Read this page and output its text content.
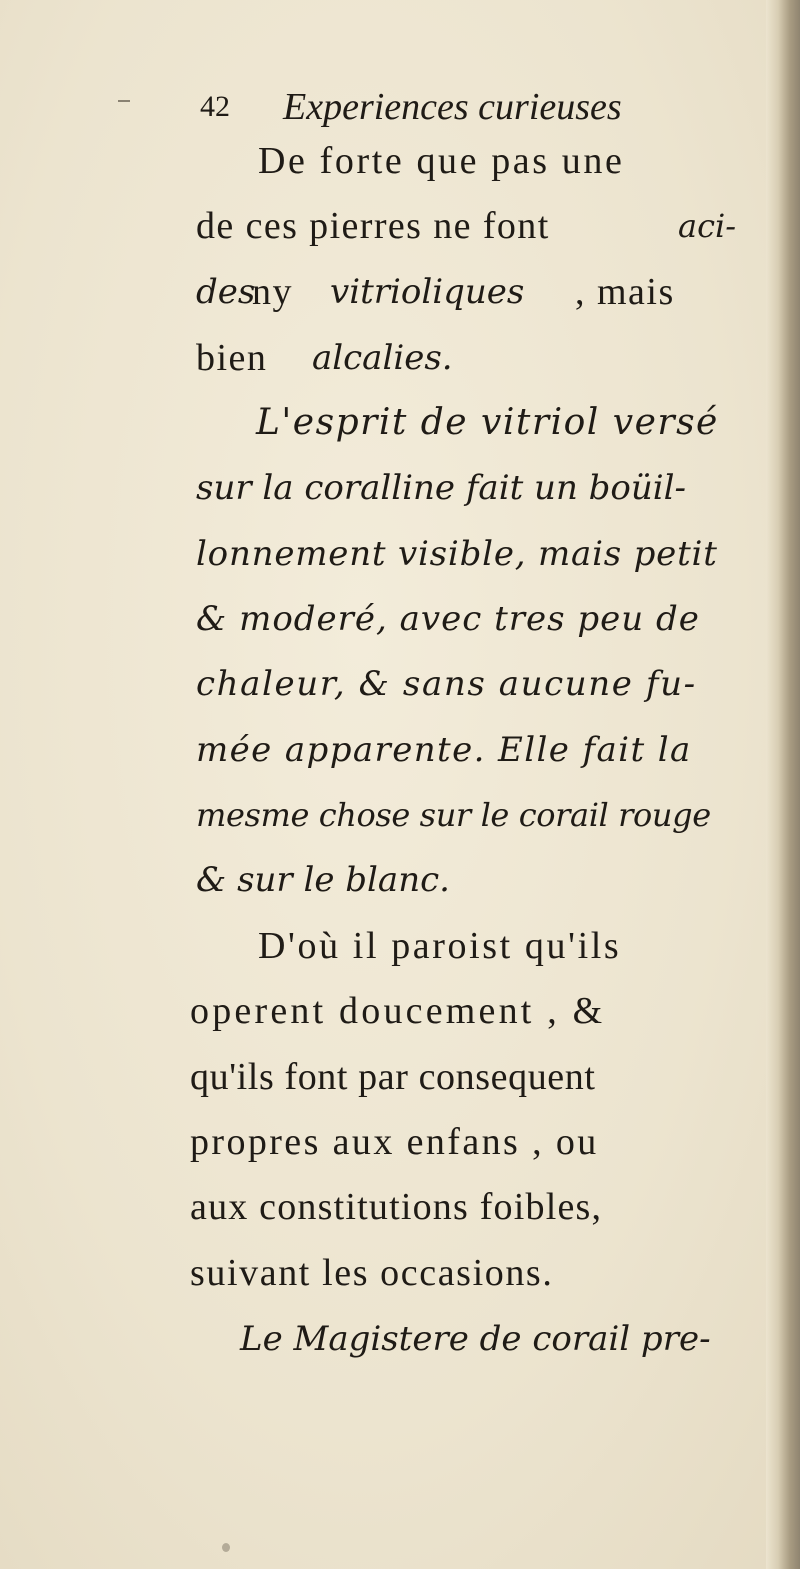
42 Experiences curieuses
De forte que pas une
de ces pierres ne font	aci-
des
ny vitrioliques , mais
bien alcalies.
L'esprit de vitriol versé
sur la coralline fait un boüil-
lonnement visible, mais petit
& moderé, avec tres peu de
chaleur, & sans aucune fu-
mée apparente. Elle fait la
mesme chose sur le corail rouge
& sur le blanc.
D'où il paroist qu'ils
operent doucement , &
qu'ils font par consequent
propres aux enfans , ou
aux constitutions foibles,
suivant les occasions.
Le Magistere de corail pre-
